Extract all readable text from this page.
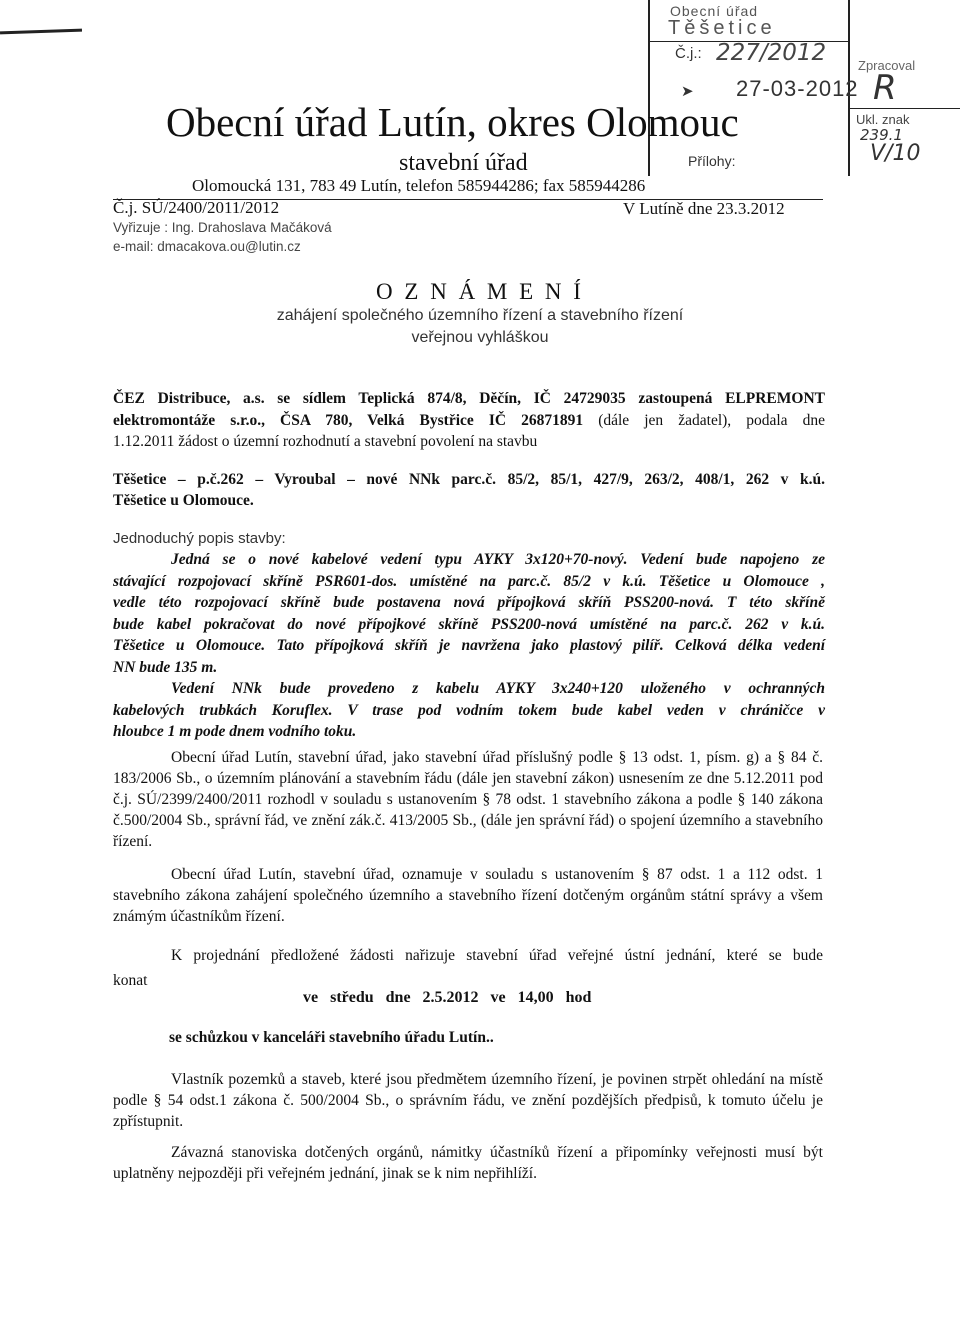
Obecní úřad
Těšetice
Č.j.: 227/2012
➤ 27-03-2012
Přílohy:
Zpracoval
R
Ukl. znak
239.1
V/10
Obecní úřad Lutín, okres Olomouc
stavební úřad
Olomoucká 131, 783 49 Lutín, telefon 585944286; fax 585944286
Č.j. SÚ/2400/2011/2012	V Lutíně dne 23.3.2012
Vyřizuje : Ing. Drahoslava Mačáková
e-mail: dmacakova.ou@lutin.cz
O Z N Á M E N Í
zahájení společného územního řízení a stavebního řízení
veřejnou vyhláškou
ČEZ Distribuce, a.s. se sídlem Teplická 874/8, Děčín, IČ 24729035 zastoupená ELPREMONT
elektromontáže s.r.o., ČSA 780, Velká Bystřice IČ 26871891 (dále jen žadatel), podala dne
1.12.2011 žádost o územní rozhodnutí a stavební povolení na stavbu
Těšetice – p.č.262 – Vyroubal – nové NNk parc.č. 85/2, 85/1, 427/9, 263/2, 408/1, 262 v k.ú.
Těšetice u Olomouce.
Jednoduchý popis stavby:
Jedná se o nové kabelové vedení typu AYKY 3x120+70-nový. Vedení bude napojeno ze
stávající rozpojovací skříně PSR601-dos. umístěné na parc.č. 85/2 v k.ú. Těšetice u Olomouce ,
vedle této rozpojovací skříně bude postavena nová přípojková skříň PSS200-nová. T této skříně
bude kabel pokračovat do nové přípojkové skříně PSS200-nová umístěné na parc.č. 262 v k.ú.
Těšetice u Olomouce. Tato přípojková skříň je navržena jako plastový pilíř. Celková délka vedení
NN bude 135 m.
Vedení NNk bude provedeno z kabelu AYKY 3x240+120 uloženého v ochranných
kabelových trubkách Koruflex. V trase pod vodním tokem bude kabel veden v chráničce v
hloubce 1 m pode dnem vodního toku.
Obecní úřad Lutín, stavební úřad, jako stavební úřad příslušný podle § 13 odst. 1, písm. g) a § 84 č. 183/2006 Sb., o územním plánování a stavebním řádu (dále jen stavební zákon) usnesením ze dne 5.12.2011 pod č.j. SÚ/2399/2400/2011 rozhodl v souladu s ustanovením § 78 odst. 1 stavebního zákona a podle § 140 zákona č.500/2004 Sb., správní řád, ve znění zák.č. 413/2005 Sb., (dále jen správní řád) o spojení územního a stavebního řízení.
Obecní úřad Lutín, stavební úřad, oznamuje v souladu s ustanovením § 87 odst. 1 a 112 odst. 1 stavebního zákona zahájení společného územního a stavebního řízení dotčeným orgánům státní správy a všem známým účastníkům řízení.
K projednání předložené žádosti nařizuje stavební úřad veřejné ústní jednání, které se bude
konat
ve středu dne 2.5.2012 ve 14,00 hod
se schůzkou v kanceláři stavebního úřadu Lutín..
Vlastník pozemků a staveb, které jsou předmětem územního řízení, je povinen strpět ohledání na místě podle § 54 odst.1 zákona č. 500/2004 Sb., o správním řádu, ve znění pozdějších předpisů, k tomuto účelu je zpřístupnit.
Závazná stanoviska dotčených orgánů, námitky účastníků řízení a připomínky veřejnosti musí být uplatněny nejpozději při veřejném jednání, jinak se k nim nepřihlíží.
